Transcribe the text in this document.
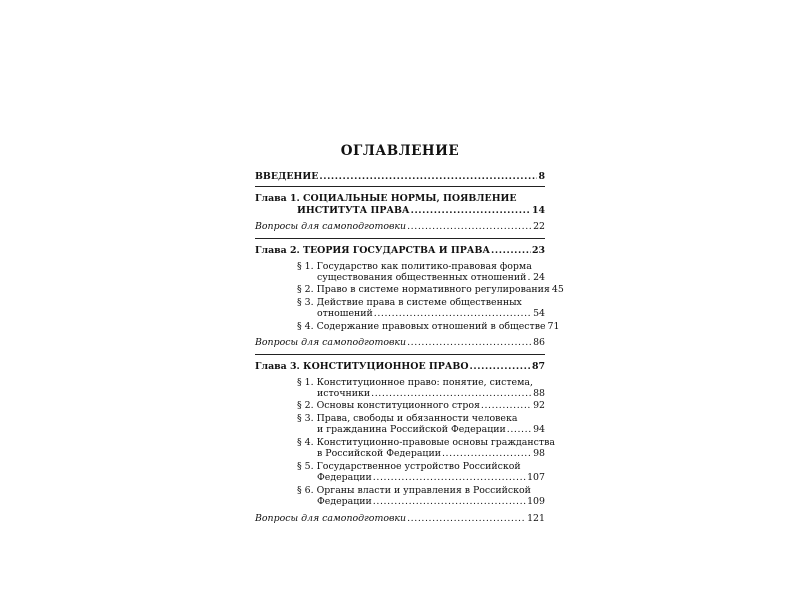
ОГЛАВЛЕНИЕ
ВВЕДЕНИЕ .....	8
Глава 1. СОЦИАЛЬНЫЕ НОРМЫ, ПОЯВЛЕНИЕ
ИНСТИТУТА ПРАВА .....	14
Вопросы для самоподготовки .....	22
Глава 2. ТЕОРИЯ ГОСУДАРСТВА И ПРАВА .....	23
§ 1. Государство как политико-правовая форма
существования общественных отношений ..... 24
§ 2. Право в системе нормативного регулирования 45
§ 3. Действие права в системе общественных
отношений .....	54
§ 4. Содержание правовых отношений в обществе 71
Вопросы для самоподготовки .....	86
Глава 3. КОНСТИТУЦИОННОЕ ПРАВО .....	87
§ 1. Конституционное право: понятие, система,
источники .....	88
§ 2. Основы конституционного строя .....	92
§ 3. Права, свободы и обязанности человека
и гражданина Российской Федерации .....	94
§ 4. Конституционно-правовые основы гражданства
в Российской Федерации .....	98
§ 5. Государственное устройство Российской
Федерации .....	107
§ 6. Органы власти и управления в Российской
Федерации .....	109
Вопросы для самоподготовки .....	121
